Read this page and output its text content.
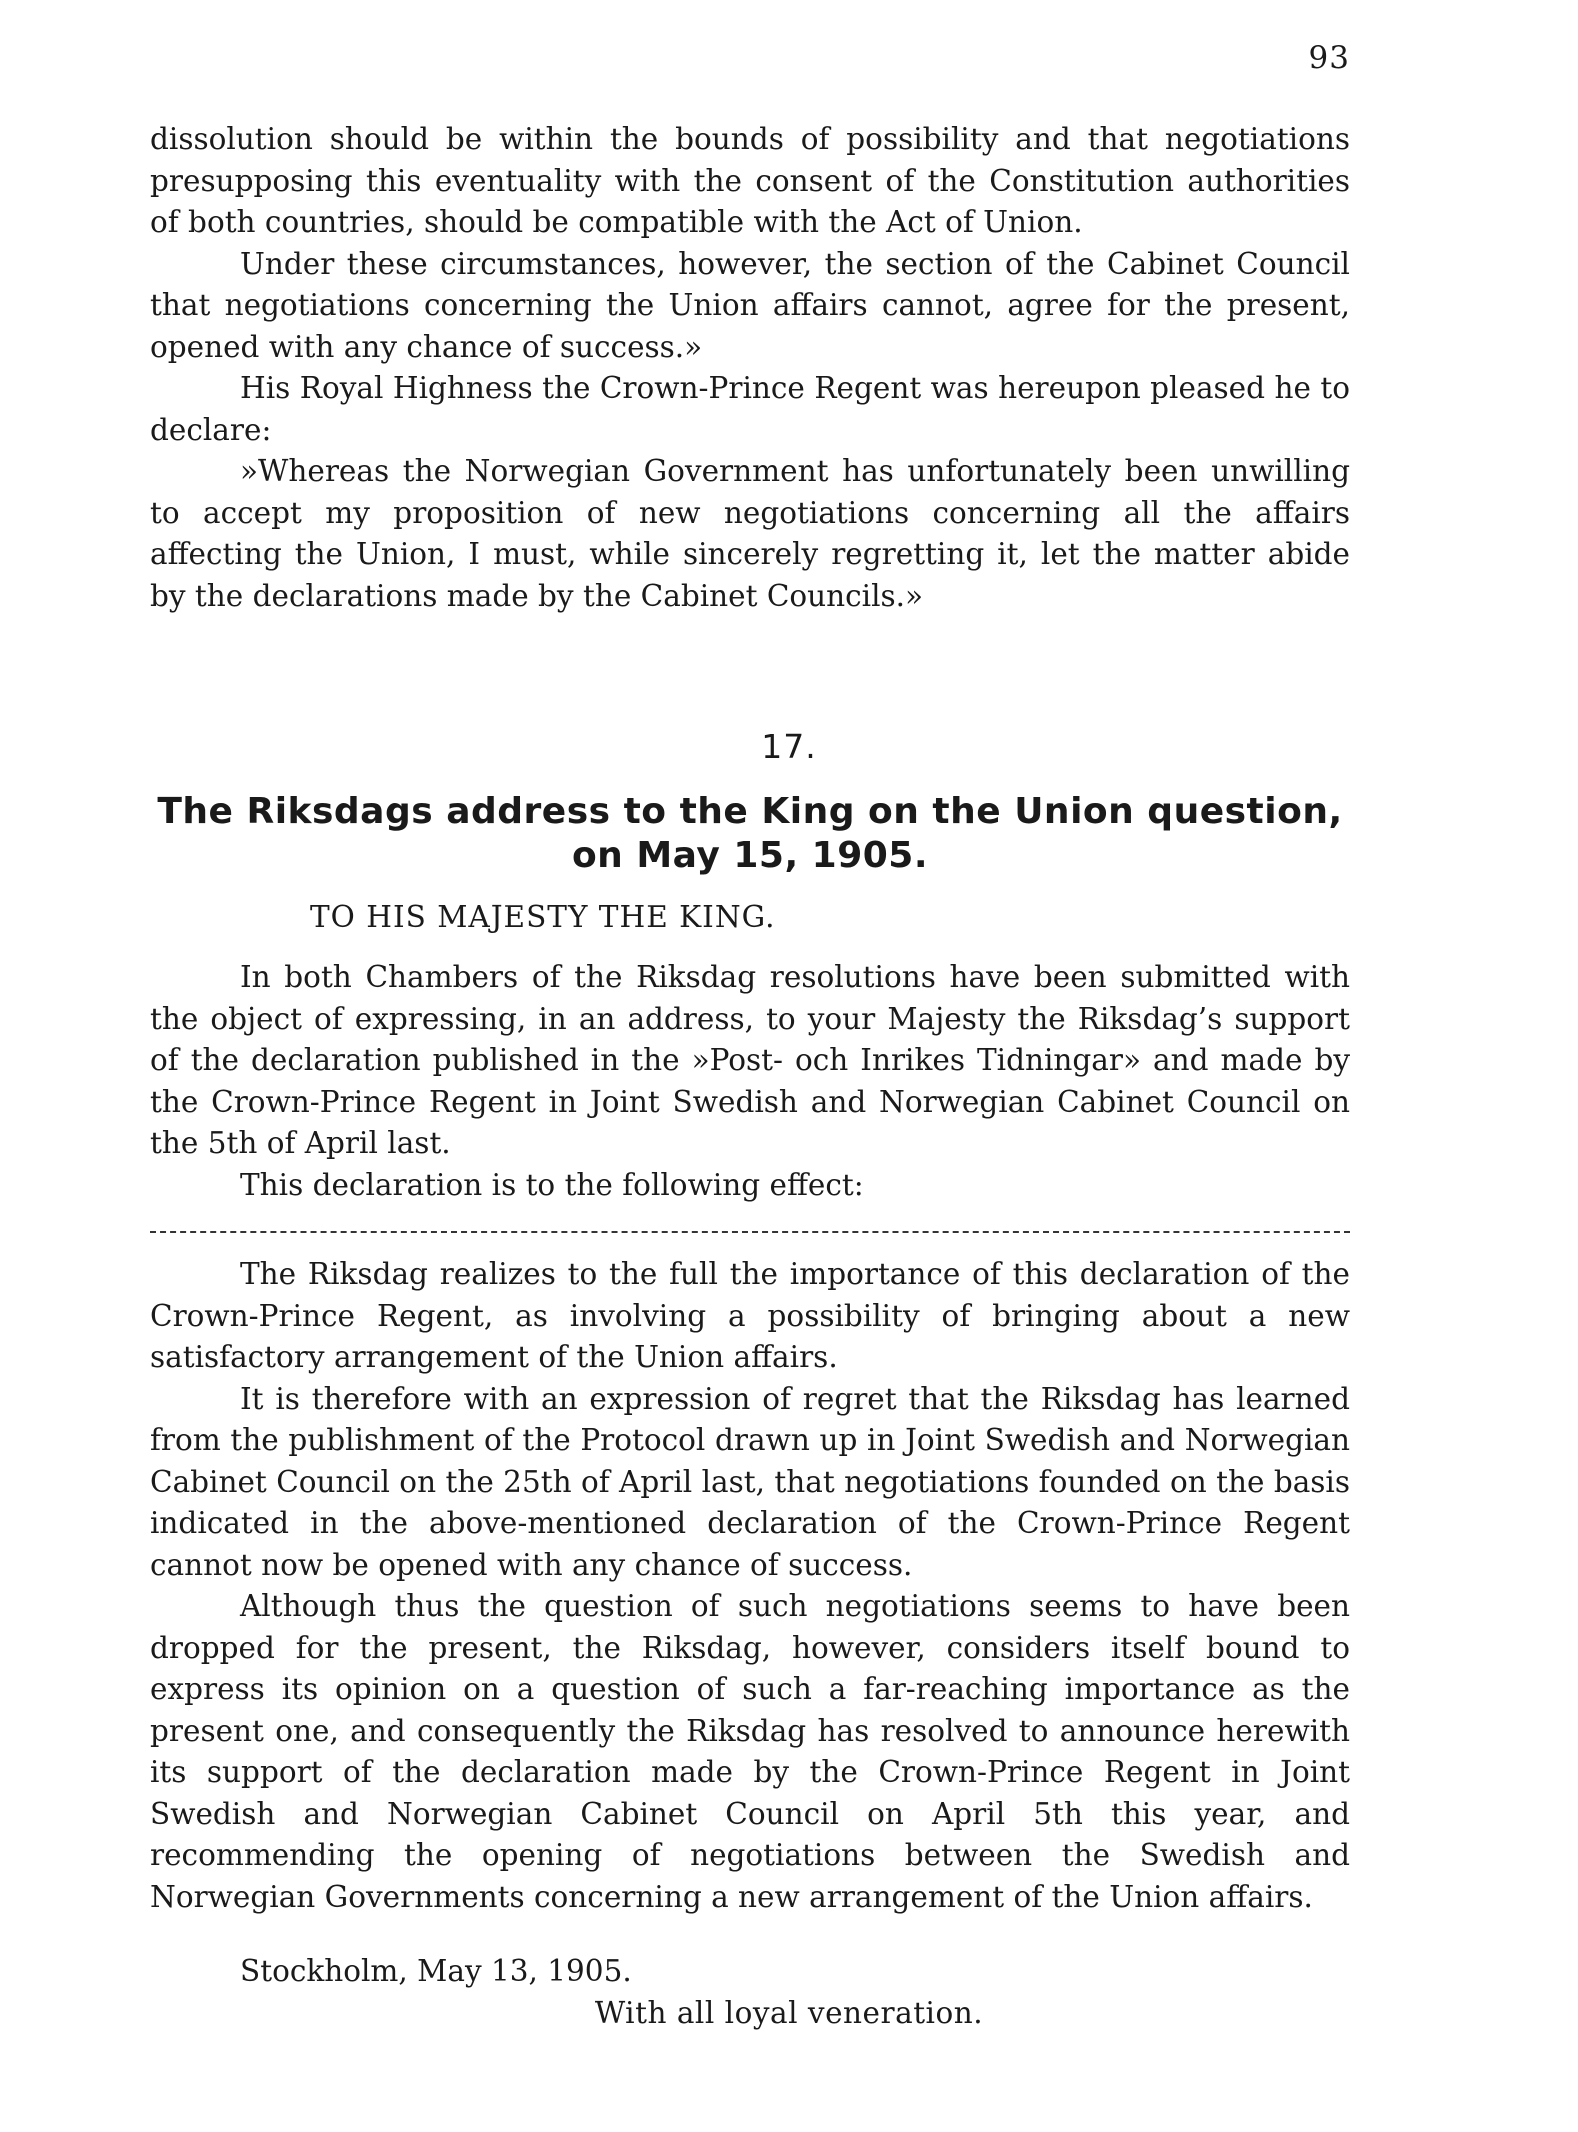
93

dissolution should be within the bounds of possibility and that negotiations presupposing this eventuality with the consent of the Constitution authorities of both countries, should be compatible with the Act of Union.

Under these circumstances, however, the section of the Cabinet Council that negotiations concerning the Union affairs cannot, agree for the present, opened with any chance of success.»

His Royal Highness the Crown-Prince Regent was hereupon pleased he to declare:

»Whereas the Norwegian Government has unfortunately been unwilling to accept my proposition of new negotiations concerning all the affairs affecting the Union, I must, while sincerely regretting it, let the matter abide by the declarations made by the Cabinet Councils.»

17.
The Riksdags address to the King on the Union question,
on May 15, 1905.
TO HIS MAJESTY THE KING.

In both Chambers of the Riksdag resolutions have been submitted with the object of expressing, in an address, to your Majesty the Riksdag’s support of the declaration published in the »Post- och Inrikes Tidningar» and made by the Crown-Prince Regent in Joint Swedish and Norwegian Cabinet Council on the 5th of April last.

This declaration is to the following effect:

The Riksdag realizes to the full the importance of this declaration of the Crown-Prince Regent, as involving a possibility of bringing about a new satisfactory arrangement of the Union affairs.

It is therefore with an expression of regret that the Riksdag has learned from the publishment of the Protocol drawn up in Joint Swedish and Norwegian Cabinet Council on the 25th of April last, that negotiations founded on the basis indicated in the above-mentioned declaration of the Crown-Prince Regent cannot now be opened with any chance of success.

Although thus the question of such negotiations seems to have been dropped for the present, the Riksdag, however, considers itself bound to express its opinion on a question of such a far-reaching importance as the present one, and consequently the Riksdag has resolved to announce herewith its support of the declaration made by the Crown-Prince Regent in Joint Swedish and Norwegian Cabinet Council on April 5th this year, and recommending the opening of negotiations between the Swedish and Norwegian Governments concerning a new arrangement of the Union affairs.

Stockholm, May 13, 1905.
With all loyal veneration.
